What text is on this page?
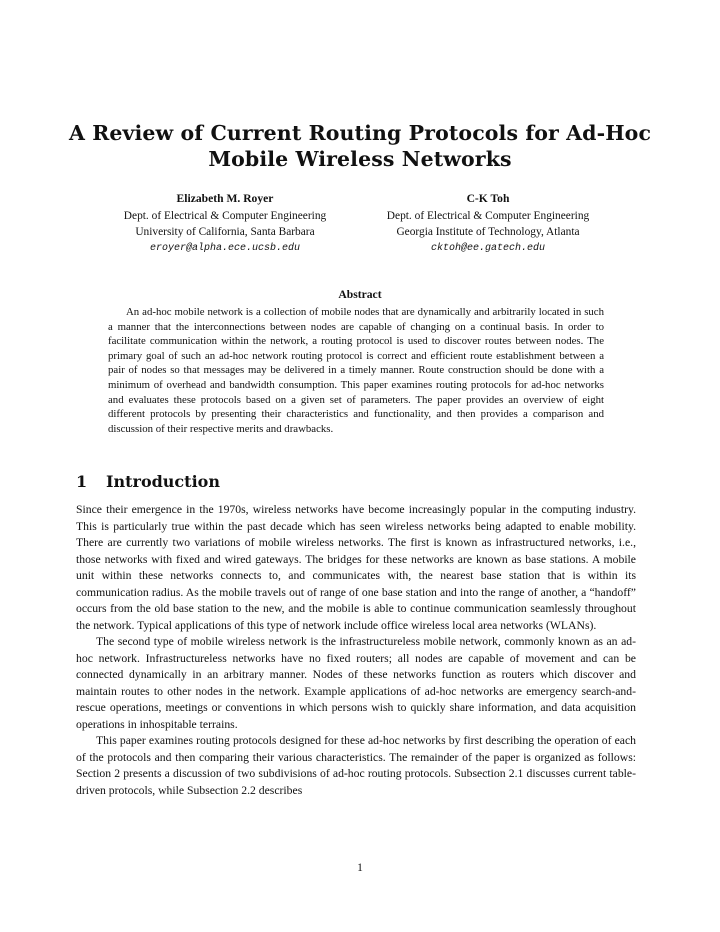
A Review of Current Routing Protocols for Ad-Hoc Mobile Wireless Networks
Elizabeth M. Royer
Dept. of Electrical & Computer Engineering
University of California, Santa Barbara
eroyer@alpha.ece.ucsb.edu
C-K Toh
Dept. of Electrical & Computer Engineering
Georgia Institute of Technology, Atlanta
cktoh@ee.gatech.edu
Abstract
An ad-hoc mobile network is a collection of mobile nodes that are dynamically and arbitrarily located in such a manner that the interconnections between nodes are capable of changing on a continual basis. In order to facilitate communication within the network, a routing protocol is used to discover routes between nodes. The primary goal of such an ad-hoc network routing protocol is correct and efficient route establishment between a pair of nodes so that messages may be delivered in a timely manner. Route construction should be done with a minimum of overhead and bandwidth consumption. This paper examines routing protocols for ad-hoc networks and evaluates these protocols based on a given set of parameters. The paper provides an overview of eight different protocols by presenting their characteristics and functionality, and then provides a comparison and discussion of their respective merits and drawbacks.
1 Introduction

Since their emergence in the 1970s, wireless networks have become increasingly popular in the computing industry. This is particularly true within the past decade which has seen wireless networks being adapted to enable mobility. There are currently two variations of mobile wireless networks. The first is known as infrastructured networks, i.e., those networks with fixed and wired gateways. The bridges for these networks are known as base stations. A mobile unit within these networks connects to, and communicates with, the nearest base station that is within its communication radius. As the mobile travels out of range of one base station and into the range of another, a “handoff” occurs from the old base station to the new, and the mobile is able to continue communication seamlessly throughout the network. Typical applications of this type of network include office wireless local area networks (WLANs).

The second type of mobile wireless network is the infrastructureless mobile network, commonly known as an ad-hoc network. Infrastructureless networks have no fixed routers; all nodes are capable of movement and can be connected dynamically in an arbitrary manner. Nodes of these networks function as routers which discover and maintain routes to other nodes in the network. Example applications of ad-hoc networks are emergency search-and-rescue operations, meetings or conventions in which persons wish to quickly share information, and data acquisition operations in inhospitable terrains.

This paper examines routing protocols designed for these ad-hoc networks by first describing the operation of each of the protocols and then comparing their various characteristics. The remainder of the paper is organized as follows: Section 2 presents a discussion of two subdivisions of ad-hoc routing protocols. Subsection 2.1 discusses current table-driven protocols, while Subsection 2.2 describes

1
